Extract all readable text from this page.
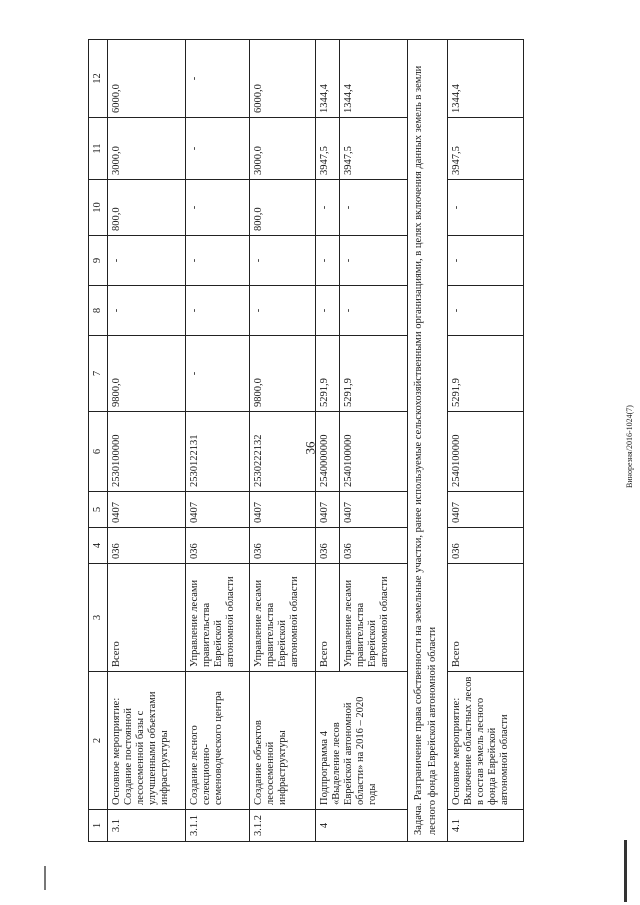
36	Винорезня/2016-1024(7)
1	2	3	4	5	6	7	8	9	10	11	12
3.1	Основное мероприятие: Создание постоянной лесосеменной базы с улучшенными объектами инфраструктуры	Всего	036	0407	2530100000	9800,0	-	-	800,0	3000,0	6000,0
3.1.1	Создание лесного селекционно-семеноводческого центра	Управление лесами правительства Еврейской автономной области	036	0407	2530122131	-	-	-	-	-	-
3.1.2	Создание объектов лесосеменной инфраструктуры	Управление лесами правительства Еврейской автономной области	036	0407	2530222132	9800,0	-	-	800,0	3000,0	6000,0
4	Подпрограмма 4 «Выделение лесов Еврейской автономной области» на 2016 – 2020 годы	Всего	036	0407	2540000000	5291,9	-	-	-	3947,5	1344,4
		Управление лесами правительства Еврейской автономной области	036	0407	2540100000	5291,9	-	-	-	3947,5	1344,4
Задача. Разграничение права собственности на земельные участки, ранее используемые сельскохозяйственными организациями, в целях включения данных земель в земли лесного фонда Еврейской автономной области											
4.1	Основное мероприятие: Включение областных лесов в состав земель лесного фонда Еврейской автономной области	Всего	036	0407	2540100000	5291,9	-	-	-	3947,5	1344,4
